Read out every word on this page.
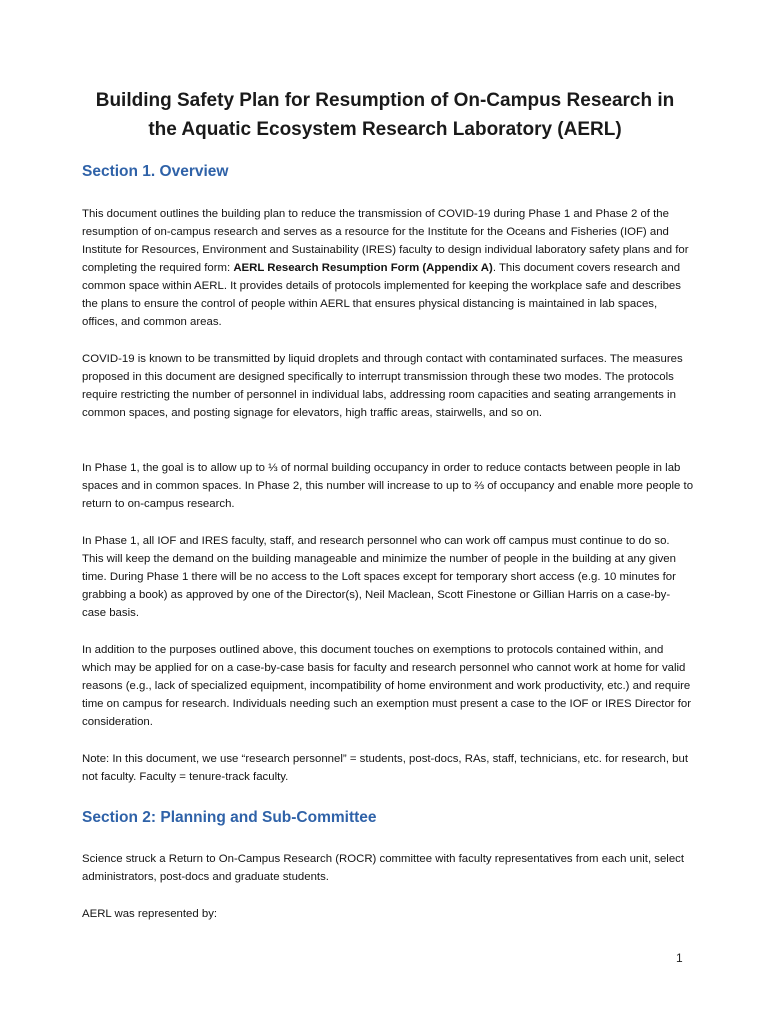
Building Safety Plan for Resumption of On-Campus Research in
the Aquatic Ecosystem Research Laboratory (AERL)
Section 1. Overview

This document outlines the building plan to reduce the transmission of COVID-19 during Phase 1 and Phase 2 of the resumption of on-campus research and serves as a resource for the Institute for the Oceans and Fisheries (IOF) and Institute for Resources, Environment and Sustainability (IRES) faculty to design individual laboratory safety plans and for completing the required form: AERL Research Resumption Form (Appendix A). This document covers research and common space within AERL. It provides details of protocols implemented for keeping the workplace safe and describes the plans to ensure the control of people within AERL that ensures physical distancing is maintained in lab spaces, offices, and common areas.

COVID-19 is known to be transmitted by liquid droplets and through contact with contaminated surfaces. The measures proposed in this document are designed specifically to interrupt transmission through these two modes. The protocols require restricting the number of personnel in individual labs, addressing room capacities and seating arrangements in common spaces, and posting signage for elevators, high traffic areas, stairwells, and so on.

In Phase 1, the goal is to allow up to ⅓ of normal building occupancy in order to reduce contacts between people in lab spaces and in common spaces. In Phase 2, this number will increase to up to ⅔ of occupancy and enable more people to return to on-campus research.

In Phase 1, all IOF and IRES faculty, staff, and research personnel who can work off campus must continue to do so. This will keep the demand on the building manageable and minimize the number of people in the building at any given time. During Phase 1 there will be no access to the Loft spaces except for temporary short access (e.g. 10 minutes for grabbing a book) as approved by one of the Director(s), Neil Maclean, Scott Finestone or Gillian Harris on a case-by-case basis.

In addition to the purposes outlined above, this document touches on exemptions to protocols contained within, and which may be applied for on a case-by-case basis for faculty and research personnel who cannot work at home for valid reasons (e.g., lack of specialized equipment, incompatibility of home environment and work productivity, etc.) and require time on campus for research. Individuals needing such an exemption must present a case to the IOF or IRES Director for consideration.

Note: In this document, we use “research personnel” = students, post-docs, RAs, staff, technicians, etc. for research, but not faculty. Faculty = tenure-track faculty.

Section 2: Planning and Sub-Committee

Science struck a Return to On-Campus Research (ROCR) committee with faculty representatives from each unit, select administrators, post-docs and graduate students.

AERL was represented by:

1
